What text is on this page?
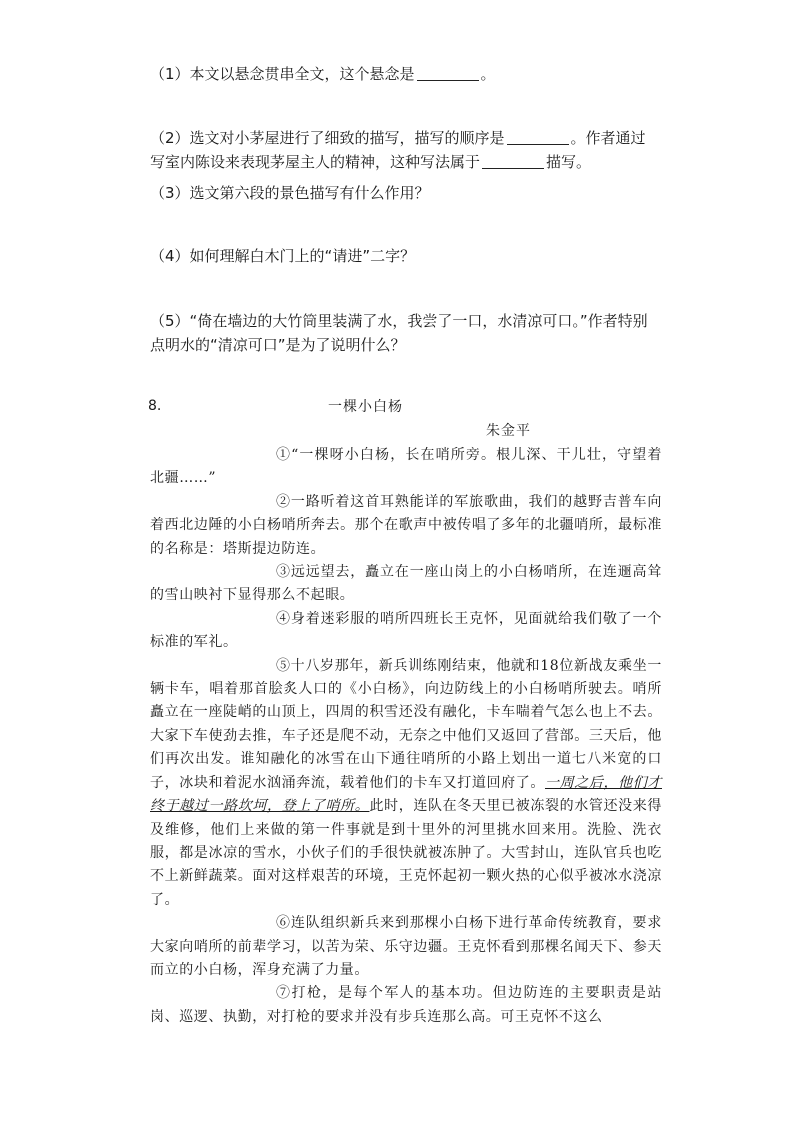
（1）本文以悬念贯串全文，这个悬念是	。

（2）选文对小茅屋进行了细致的描写，描写的顺序是	。作者通过写室内陈设来表现茅屋主人的精神，这种写法属于	描写。

（3）选文第六段的景色描写有什么作用？

（4）如何理解白木门上的“请进”二字？

（5）“倚在墙边的大竹筒里装满了水，我尝了一口，水清凉可口。”作者特别点明水的“清凉可口”是为了说明什么？

8.	一棵小白杨
朱金平

①“一棵呀小白杨，长在哨所旁。根儿深、干儿壮，守望着北疆……”

②一路听着这首耳熟能详的军旅歌曲，我们的越野吉普车向着西北边陲的小白杨哨所奔去。那个在歌声中被传唱了多年的北疆哨所，最标准的名称是：塔斯提边防连。

③远远望去，矗立在一座山岗上的小白杨哨所，在连逦高耸的雪山映衬下显得那么不起眼。

④身着迷彩服的哨所四班长王克怀，见面就给我们敬了一个标准的军礼。

⑤十八岁那年，新兵训练刚结束，他就和18位新战友乘坐一辆卡车，唱着那首脍炙人口的《小白杨》，向边防线上的小白杨哨所驶去。哨所矗立在一座陡峭的山顶上，四周的积雪还没有融化，卡车喘着气怎么也上不去。大家下车使劲去推，车子还是爬不动，无奈之中他们又返回了营部。三天后，他们再次出发。谁知融化的冰雪在山下通往哨所的小路上划出一道七八米宽的口子，冰块和着泥水汹涌奔流，载着他们的卡车又打道回府了。一周之后，他们才终于越过一路坎坷，登上了哨所。此时，连队在冬天里已被冻裂的水管还没来得及维修，他们上来做的第一件事就是到十里外的河里挑水回来用。洗脸、洗衣服，都是冰凉的雪水，小伙子们的手很快就被冻肿了。大雪封山，连队官兵也吃不上新鲜蔬菜。面对这样艰苦的环境，王克怀起初一颗火热的心似乎被冰水浇凉了。

⑥连队组织新兵来到那棵小白杨下进行革命传统教育，要求大家向哨所的前辈学习，以苦为荣、乐守边疆。王克怀看到那棵名闻天下、参天而立的小白杨，浑身充满了力量。

⑦打枪，是每个军人的基本功。但边防连的主要职责是站岗、巡逻、执勤，对打枪的要求并没有步兵连那么高。可王克怀不这么
